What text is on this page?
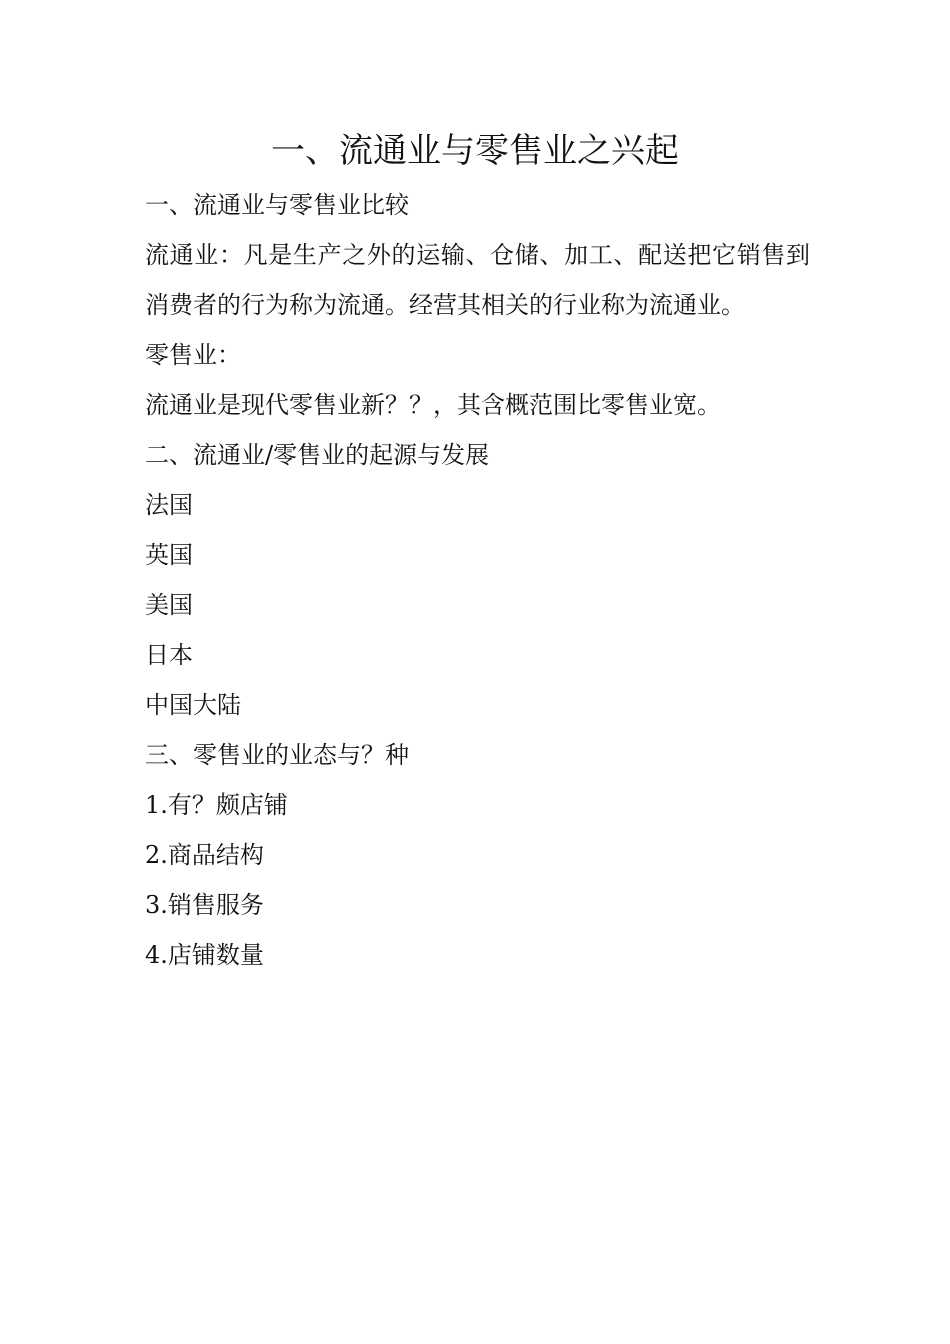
一、流通业与零售业之兴起

一、流通业与零售业比较

流通业：凡是生产之外的运输、仓储、加工、配送把它销售到消费者的行为称为流通。经营其相关的行业称为流通业。

零售业：

流通业是现代零售业新？？，其含概范围比零售业宽。

二、流通业/零售业的起源与发展

法国

英国

美国

日本

中国大陆

三、零售业的业态与？种

1.有？颇店铺

2.商品结构

3.销售服务

4.店铺数量
